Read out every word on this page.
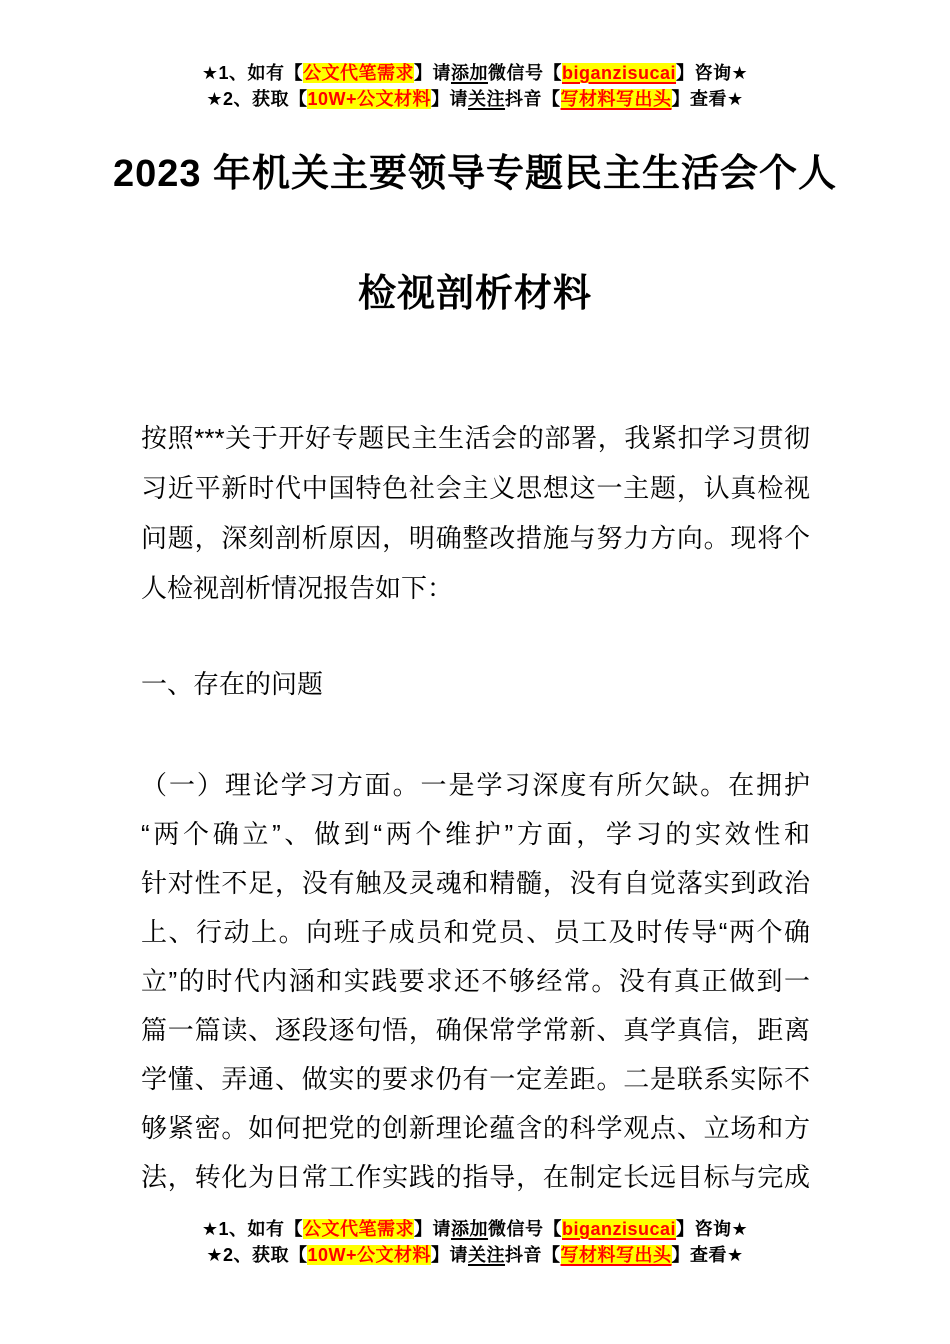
★1、如有【公文代笔需求】请添加微信号【biganzisucai】咨询★
★2、获取【10W+公文材料】请关注抖音【写材料写出头】查看★
2023 年机关主要领导专题民主生活会个人
检视剖析材料
按照***关于开好专题民主生活会的部署，我紧扣学习贯彻
习近平新时代中国特色社会主义思想这一主题，认真检视
问题，深刻剖析原因，明确整改措施与努力方向。现将个
人检视剖析情况报告如下：
一、存在的问题
（一）理论学习方面。一是学习深度有所欠缺。在拥护
“两个确立”、做到“两个维护”方面，学习的实效性和
针对性不足，没有触及灵魂和精髓，没有自觉落实到政治
上、行动上。向班子成员和党员、员工及时传导“两个确
立”的时代内涵和实践要求还不够经常。没有真正做到一
篇一篇读、逐段逐句悟，确保常学常新、真学真信，距离
学懂、弄通、做实的要求仍有一定差距。二是联系实际不
够紧密。如何把党的创新理论蕴含的科学观点、立场和方
法，转化为日常工作实践的指导，在制定长远目标与完成
★1、如有【公文代笔需求】请添加微信号【biganzisucai】咨询★
★2、获取【10W+公文材料】请关注抖音【写材料写出头】查看★
